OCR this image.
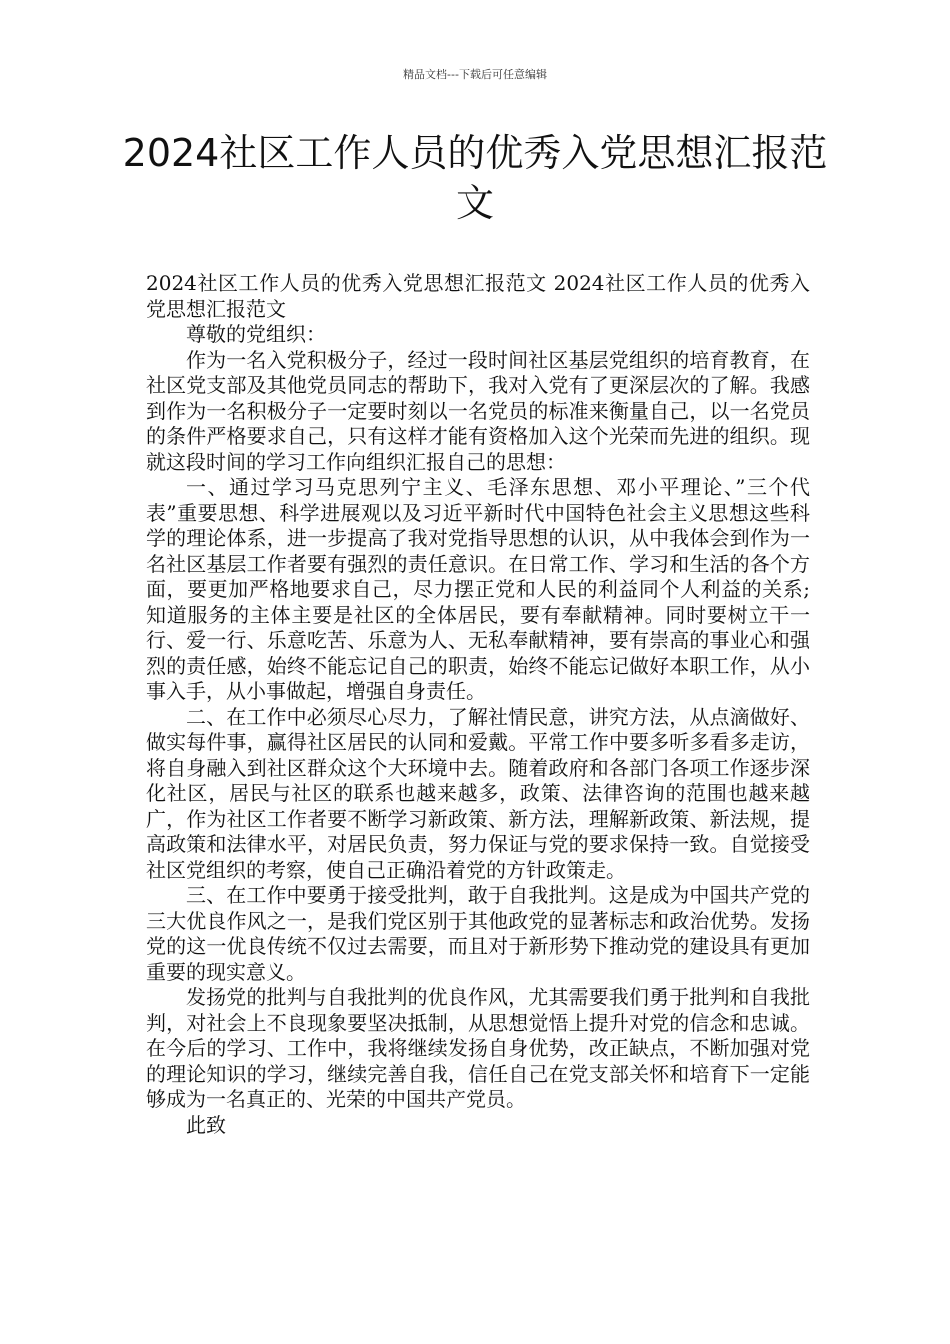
精品文档---下载后可任意编辑
2024社区工作人员的优秀入党思想汇报范文

2024社区工作人员的优秀入党思想汇报范文 2024社区工作人员的优秀入党思想汇报范文

尊敬的党组织：

作为一名入党积极分子，经过一段时间社区基层党组织的培育教育，在社区党支部及其他党员同志的帮助下，我对入党有了更深层次的了解。我感到作为一名积极分子一定要时刻以一名党员的标准来衡量自己，以一名党员的条件严格要求自己，只有这样才能有资格加入这个光荣而先进的组织。现就这段时间的学习工作向组织汇报自己的思想：

一、通过学习马克思列宁主义、毛泽东思想、邓小平理论、”三个代表”重要思想、科学进展观以及习近平新时代中国特色社会主义思想这些科学的理论体系，进一步提高了我对党指导思想的认识，从中我体会到作为一名社区基层工作者要有强烈的责任意识。在日常工作、学习和生活的各个方面，要更加严格地要求自己，尽力摆正党和人民的利益同个人利益的关系;知道服务的主体主要是社区的全体居民，要有奉献精神。同时要树立干一行、爱一行、乐意吃苦、乐意为人、无私奉献精神，要有崇高的事业心和强烈的责任感，始终不能忘记自己的职责，始终不能忘记做好本职工作，从小事入手，从小事做起，增强自身责任。

二、在工作中必须尽心尽力，了解社情民意，讲究方法，从点滴做好、做实每件事，赢得社区居民的认同和爱戴。平常工作中要多听多看多走访，将自身融入到社区群众这个大环境中去。随着政府和各部门各项工作逐步深化社区，居民与社区的联系也越来越多，政策、法律咨询的范围也越来越广，作为社区工作者要不断学习新政策、新方法，理解新政策、新法规，提高政策和法律水平，对居民负责，努力保证与党的要求保持一致。自觉接受社区党组织的考察，使自己正确沿着党的方针政策走。

三、在工作中要勇于接受批判，敢于自我批判。这是成为中国共产党的三大优良作风之一，是我们党区别于其他政党的显著标志和政治优势。发扬党的这一优良传统不仅过去需要，而且对于新形势下推动党的建设具有更加重要的现实意义。

发扬党的批判与自我批判的优良作风，尤其需要我们勇于批判和自我批判，对社会上不良现象要坚决抵制，从思想觉悟上提升对党的信念和忠诚。在今后的学习、工作中，我将继续发扬自身优势，改正缺点，不断加强对党的理论知识的学习，继续完善自我，信任自己在党支部关怀和培育下一定能够成为一名真正的、光荣的中国共产党员。

此致
